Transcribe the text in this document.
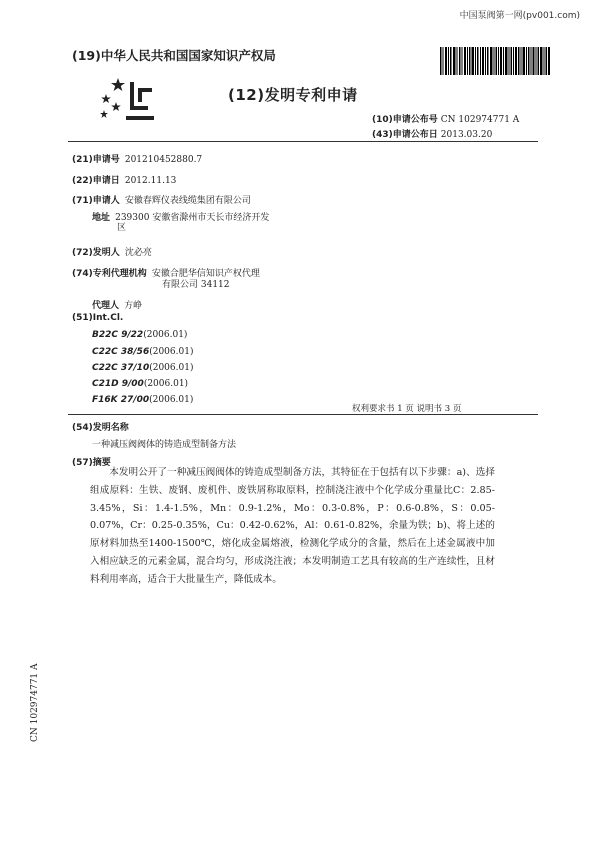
中国泵阀第一网(pv001.com)
(19)中华人民共和国国家知识产权局
(12)发明专利申请
(10)申请公布号 CN 102974771 A
(43)申请公布日 2013.03.20
(21)申请号 201210452880.7
(22)申请日 2012.11.13
(71)申请人 安徽春辉仪表线缆集团有限公司
地址 239300 安徽省滁州市天长市经济开发
区
(72)发明人 沈必亮
(74)专利代理机构 安徽合肥华信知识产权代理
有限公司 34112
代理人 方峥
(51)Int.Cl.
B22C 9/22(2006.01)
C22C 38/56(2006.01)
C22C 37/10(2006.01)
C21D 9/00(2006.01)
F16K 27/00(2006.01)
权利要求书 1 页 说明书 3 页
(54)发明名称
一种减压阀阀体的铸造成型制备方法
(57)摘要
本发明公开了一种减压阀阀体的铸造成型制备方法，其特征在于包括有以下步骤：a)、选择组成原料：生铁、废钢、废机件、废铁屑称取原料，控制浇注液中个化学成分重量比C：2.85-3.45%，Si：1.4-1.5%，Mn：0.9-1.2%，Mo：0.3-0.8%，P：0.6-0.8%，S：0.05-0.07%，Cr：0.25-0.35%，Cu：0.42-0.62%，Al：0.61-0.82%，余量为铁；b)、将上述的原材料加热至1400-1500℃，熔化成金属熔液，检测化学成分的含量，然后在上述金属液中加入相应缺乏的元素金属，混合均匀，形成浇注液；本发明制造工艺具有较高的生产连续性，且材料利用率高，适合于大批量生产，降低成本。
CN 102974771 A
